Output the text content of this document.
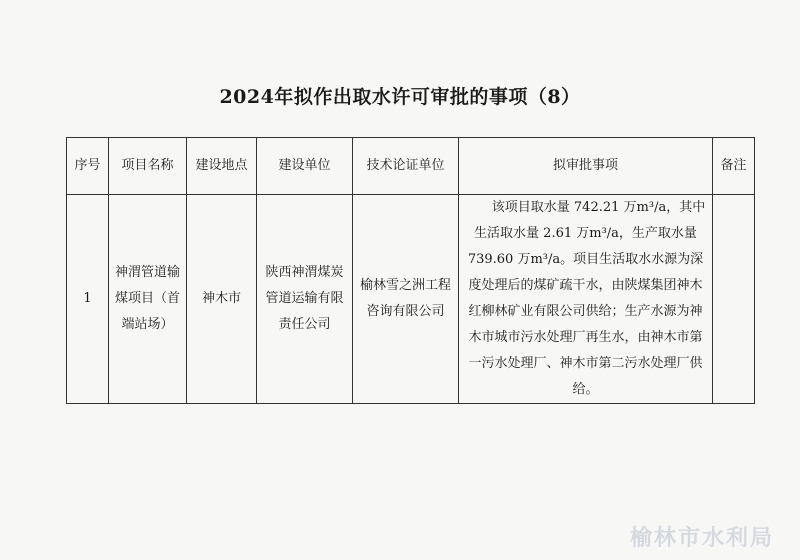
2024年拟作出取水许可审批的事项（8）
序号	项目名称	建设地点	建设单位	技术论证单位	拟审批事项	备注
1	神渭管道输煤项目（首端站场）	神木市	陕西神渭煤炭管道运输有限责任公司	榆林雪之洲工程咨询有限公司	该项目取水量 742.21 万m³/a，其中生活取水量 2.61 万m³/a，生产取水量 739.60 万m³/a。项目生活取水水源为深度处理后的煤矿疏干水，由陕煤集团神木红柳林矿业有限公司供给；生产水源为神木市城市污水处理厂再生水，由神木市第一污水处理厂、神木市第二污水处理厂供给。	

榆林市水利局
